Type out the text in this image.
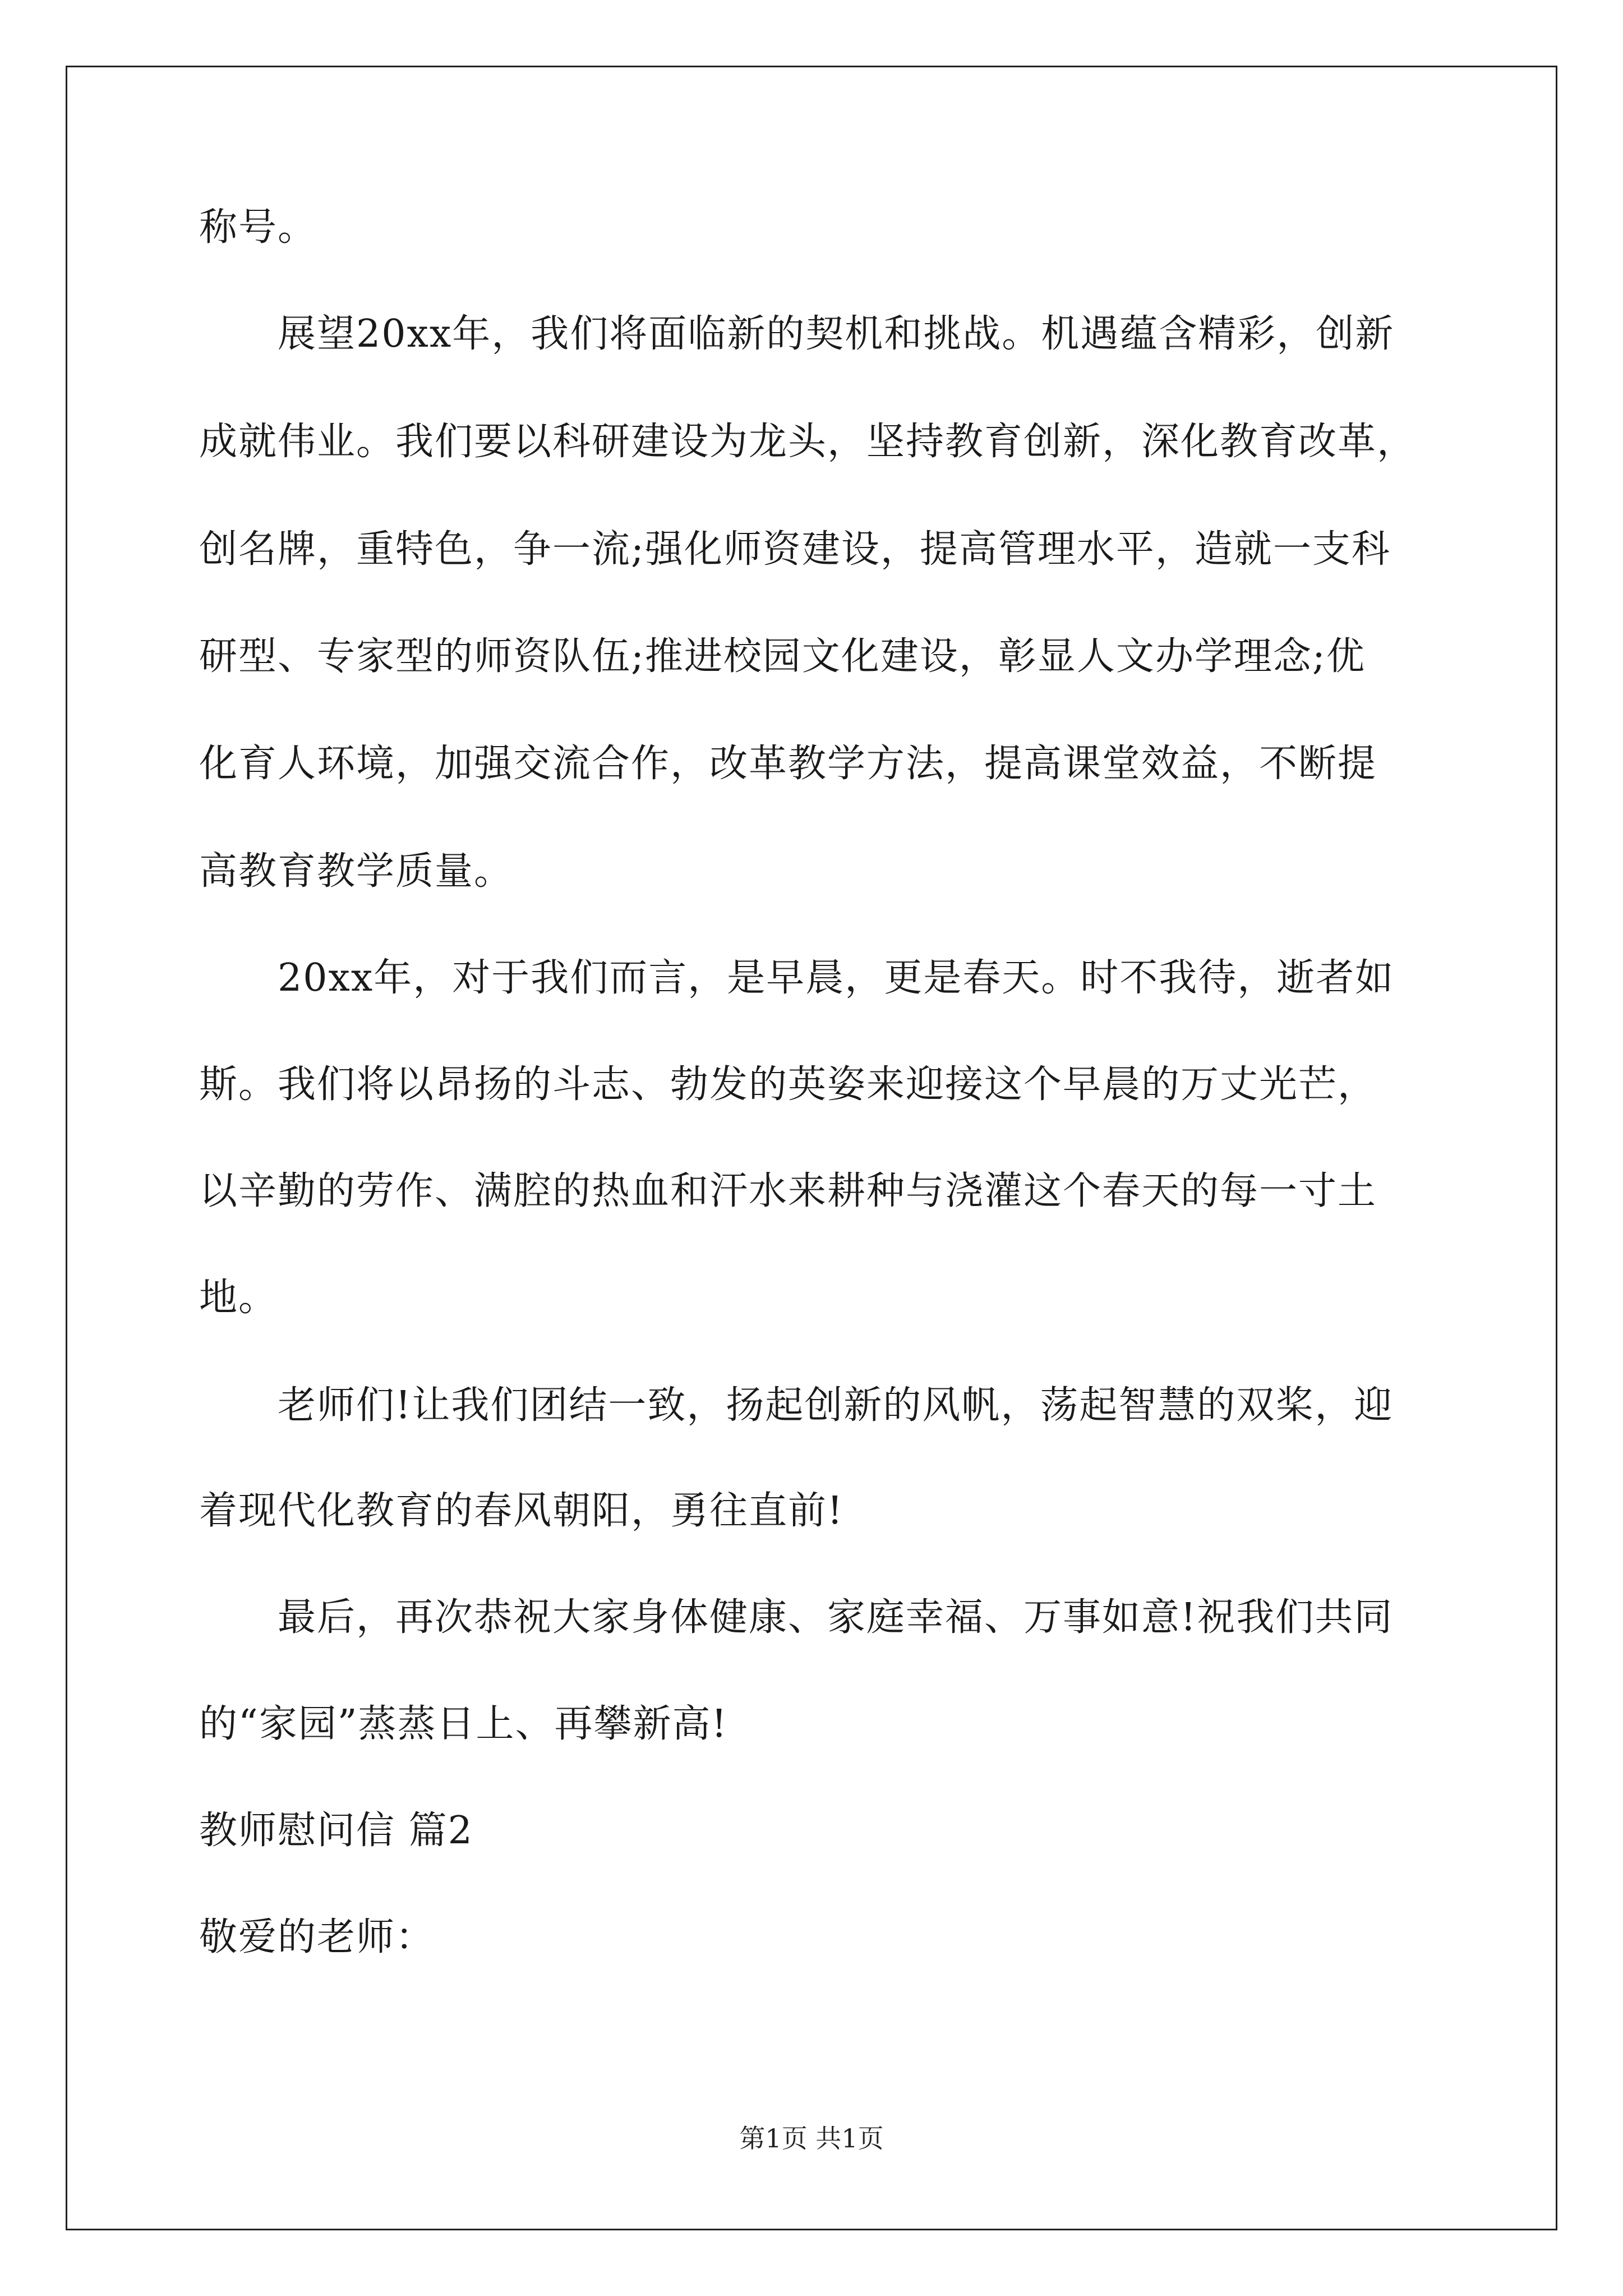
称号。
展望20xx年，我们将面临新的契机和挑战。机遇蕴含精彩，创新
成就伟业。我们要以科研建设为龙头，坚持教育创新，深化教育改革，
创名牌，重特色，争一流;强化师资建设，提高管理水平，造就一支科
研型、专家型的师资队伍;推进校园文化建设，彰显人文办学理念;优
化育人环境，加强交流合作，改革教学方法，提高课堂效益，不断提
高教育教学质量。
20xx年，对于我们而言，是早晨，更是春天。时不我待，逝者如
斯。我们将以昂扬的斗志、勃发的英姿来迎接这个早晨的万丈光芒，
以辛勤的劳作、满腔的热血和汗水来耕种与浇灌这个春天的每一寸土
地。
老师们!让我们团结一致，扬起创新的风帆，荡起智慧的双桨，迎
着现代化教育的春风朝阳，勇往直前!
最后，再次恭祝大家身体健康、家庭幸福、万事如意!祝我们共同
的“家园”蒸蒸日上、再攀新高!
教师慰问信 篇2
敬爱的老师：
第1页 共1页
